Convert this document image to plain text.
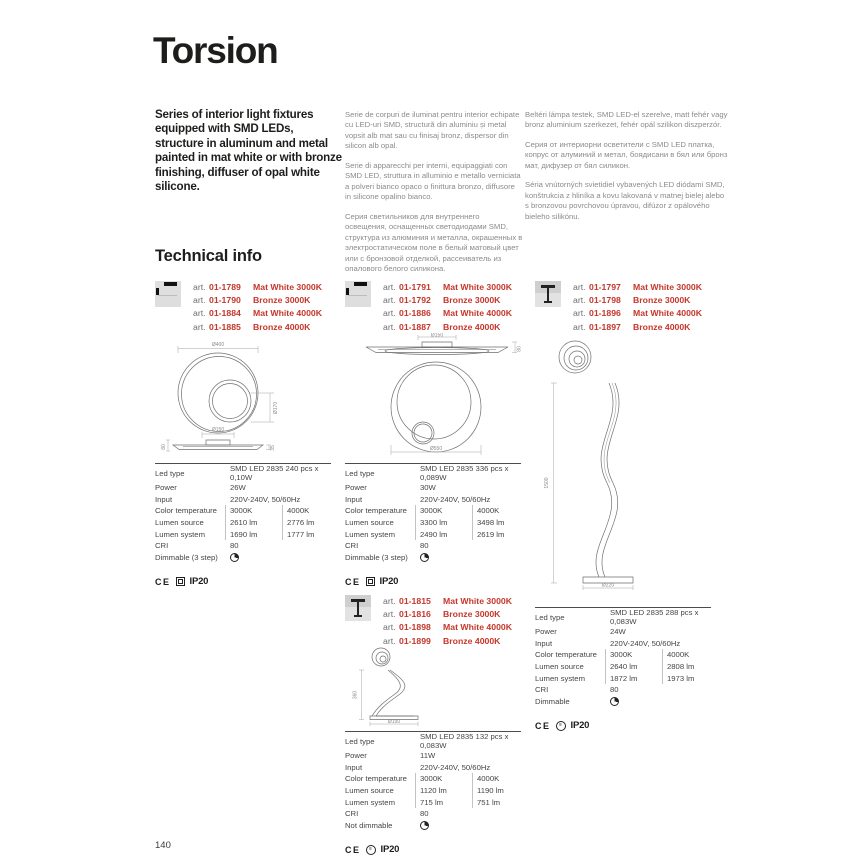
Torsion
Series of interior light fixtures equipped with SMD LEDs, structure in aluminum and metal painted in mat white or with bronze finishing, diffuser of opal white silicone.

Serie de corpuri de iluminat pentru interior echipate cu LED-uri SMD, structură din aluminiu și metal vopsit alb mat sau cu finisaj bronz, dispersor din silicon alb opal.

Serie di apparecchi per interni, equipaggiati con SMD LED, struttura in alluminio e metallo verniciata a polveri bianco opaco o finittura bronzo, diffusore in silicone opalino bianco.

Серия светильников для внутреннего освещения, оснащенных светодиодами SMD, структура из алюминия и металла, окрашенных в электростатическом поле в белый матовый цвет или с бронзовой отделкой, рассеиватель из опалового белого силикона.

Beltéri lámpa testek, SMD LED-el szerelve, matt fehér vagy bronz aluminium szerkezet, fehér opál szilikon diszperzór.

Серия от интериорни осветители с SMD LED платка, копрус от алуминий и метал, боядисани в бял или бронз мат, дифузер от бял силикон.

Séria vnútorných svietidiel vybavených LED diódami SMD, konštrukcia z hliníka a kovu lakovaná v matnej bielej alebo s bronzovou povrchovou úpravou, difúzor z opálového bieleho silikónu.

Technical info
art. 01-1789	Mat White 3000K
art. 01-1790	Bronze 3000K
art. 01-1884	Mat White 4000K
art. 01-1885	Bronze 4000K
Ø400
Ø170
Ø150
80	35
Led type	SMD LED 2835 240 pcs x 0,10W
Power	26W
Input	220V-240V, 50/60Hz
Color temperature	3000K	4000K
Lumen source	2610 lm	2776 lm
Lumen system	1690 lm	1777 lm
CRI	80
Dimmable (3 step)
CE IP20
art. 01-1791	Mat White 3000K
art. 01-1792	Bronze 3000K
art. 01-1886	Mat White 4000K
art. 01-1887	Bronze 4000K
Ø150
80
Ø550
Led type	SMD LED 2835 336 pcs x 0,089W
Power	30W
Input	220V-240V, 50/60Hz
Color temperature	3000K	4000K
Lumen source	3300 lm	3498 lm
Lumen system	2490 lm	2619 lm
CRI	80
Dimmable (3 step)
CE IP20
art. 01-1797	Mat White 3000K
art. 01-1798	Bronze 3000K
art. 01-1896	Mat White 4000K
art. 01-1897	Bronze 4000K
1500
Ø220
Led type	SMD LED 2835 288 pcs x 0,083W
Power	24W
Input	220V-240V, 50/60Hz
Color temperature	3000K	4000K
Lumen source	2640 lm	2808 lm
Lumen system	1872 lm	1973 lm
CRI	80
Dimmable
CE	≡ IP20
art. 01-1815	Mat White 3000K
art. 01-1816	Bronze 3000K
art. 01-1898	Mat White 4000K
art. 01-1899	Bronze 4000K
360
Ø190
Led type	SMD LED 2835 132 pcs x 0,083W
Power	11W
Input	220V-240V, 50/60Hz
Color temperature	3000K	4000K
Lumen source	1120 lm	1190 lm
Lumen system	715 lm	751 lm
CRI	80
Not dimmable
CE	≡ IP20
140
